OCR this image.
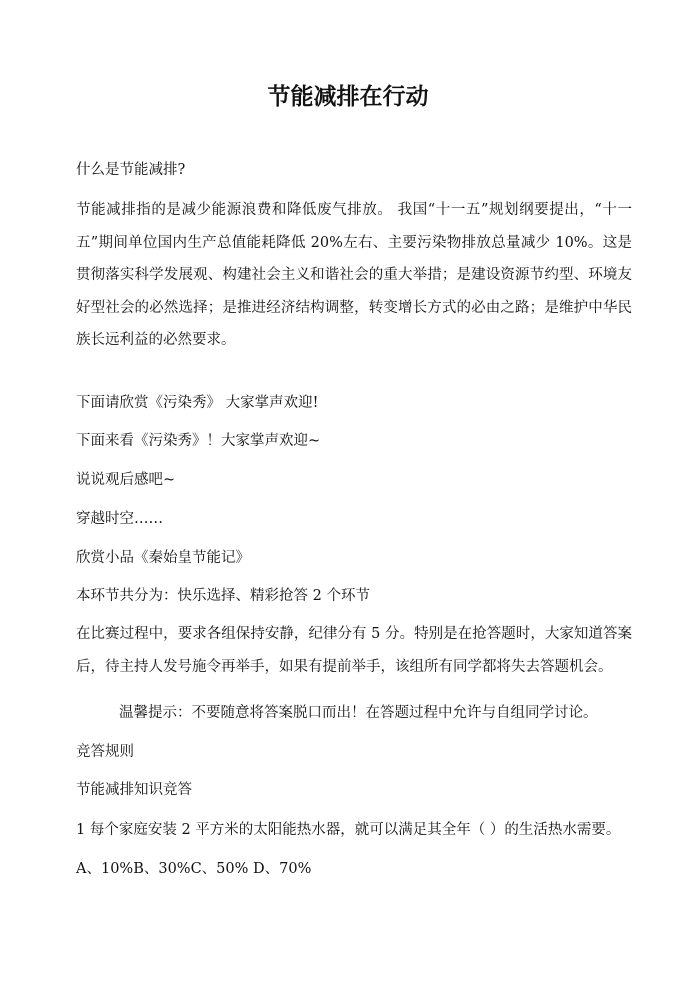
节能减排在行动
什么是节能减排?
节能减排指的是减少能源浪费和降低废气排放。 我国“十一五”规划纲要提出，“十一五”期间单位国内生产总值能耗降低 20%左右、主要污染物排放总量减少 10%。这是贯彻落实科学发展观、构建社会主义和谐社会的重大举措；是建设资源节约型、环境友好型社会的必然选择；是推进经济结构调整，转变增长方式的必由之路；是维护中华民族长远利益的必然要求。
下面请欣赏《污染秀》 大家掌声欢迎!
下面来看《污染秀》！大家掌声欢迎~
说说观后感吧~
穿越时空……
欣赏小品《秦始皇节能记》
本环节共分为：快乐选择、精彩抢答 2 个环节
在比赛过程中，要求各组保持安静，纪律分有 5 分。特别是在抢答题时，大家知道答案后，待主持人发号施令再举手，如果有提前举手，该组所有同学都将失去答题机会。
温馨提示：不要随意将答案脱口而出！在答题过程中允许与自组同学讨论。
竞答规则
节能减排知识竞答
1 每个家庭安装 2 平方米的太阳能热水器，就可以满足其全年（ ）的生活热水需要。
A、10%B、30%C、50% D、70%
